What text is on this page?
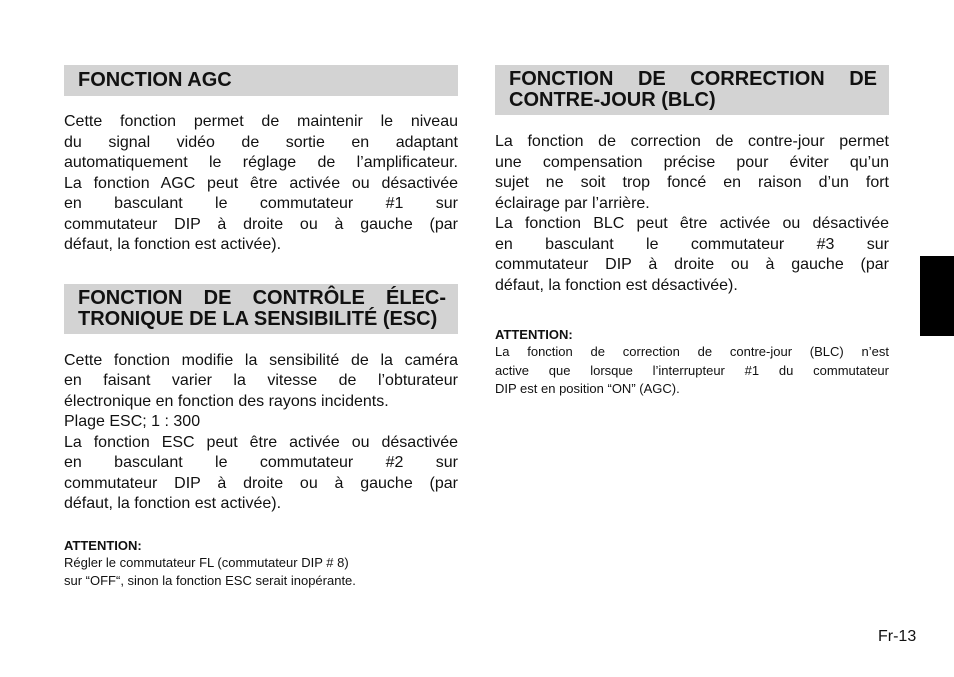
FONCTION AGC
Cette fonction permet de maintenir le niveau
du signal vidéo de sortie en adaptant
automatiquement le réglage de l’amplificateur.
La fonction AGC peut être activée ou désactivée
en basculant le commutateur #1 sur
commutateur DIP à droite ou à gauche (par
défaut, la fonction est activée).
FONCTION DE CONTRÔLE ÉLEC-
TRONIQUE DE LA SENSIBILITÉ (ESC)
Cette fonction modifie la sensibilité de la caméra
en faisant varier la vitesse de l’obturateur
électronique en fonction des rayons incidents.
Plage ESC; 1 : 300
La fonction ESC peut être activée ou désactivée
en basculant le commutateur #2 sur
commutateur DIP à droite ou à gauche (par
défaut, la fonction est activée).

ATTENTION:

Régler le commutateur FL (commutateur DIP # 8)
sur “OFF“, sinon la fonction ESC serait inopérante.
FONCTION DE CORRECTION DE
CONTRE-JOUR (BLC)
La fonction de correction de contre-jour permet
une compensation précise pour éviter qu’un
sujet ne soit trop foncé en raison d’un fort
éclairage par l’arrière.
La fonction BLC peut être activée ou désactivée
en basculant le commutateur #3 sur
commutateur DIP à droite ou à gauche (par
défaut, la fonction est désactivée).

ATTENTION:

La fonction de correction de contre-jour (BLC) n’est
active que lorsque l’interrupteur #1 du commutateur
DIP est en position “ON” (AGC).
Fr-13
